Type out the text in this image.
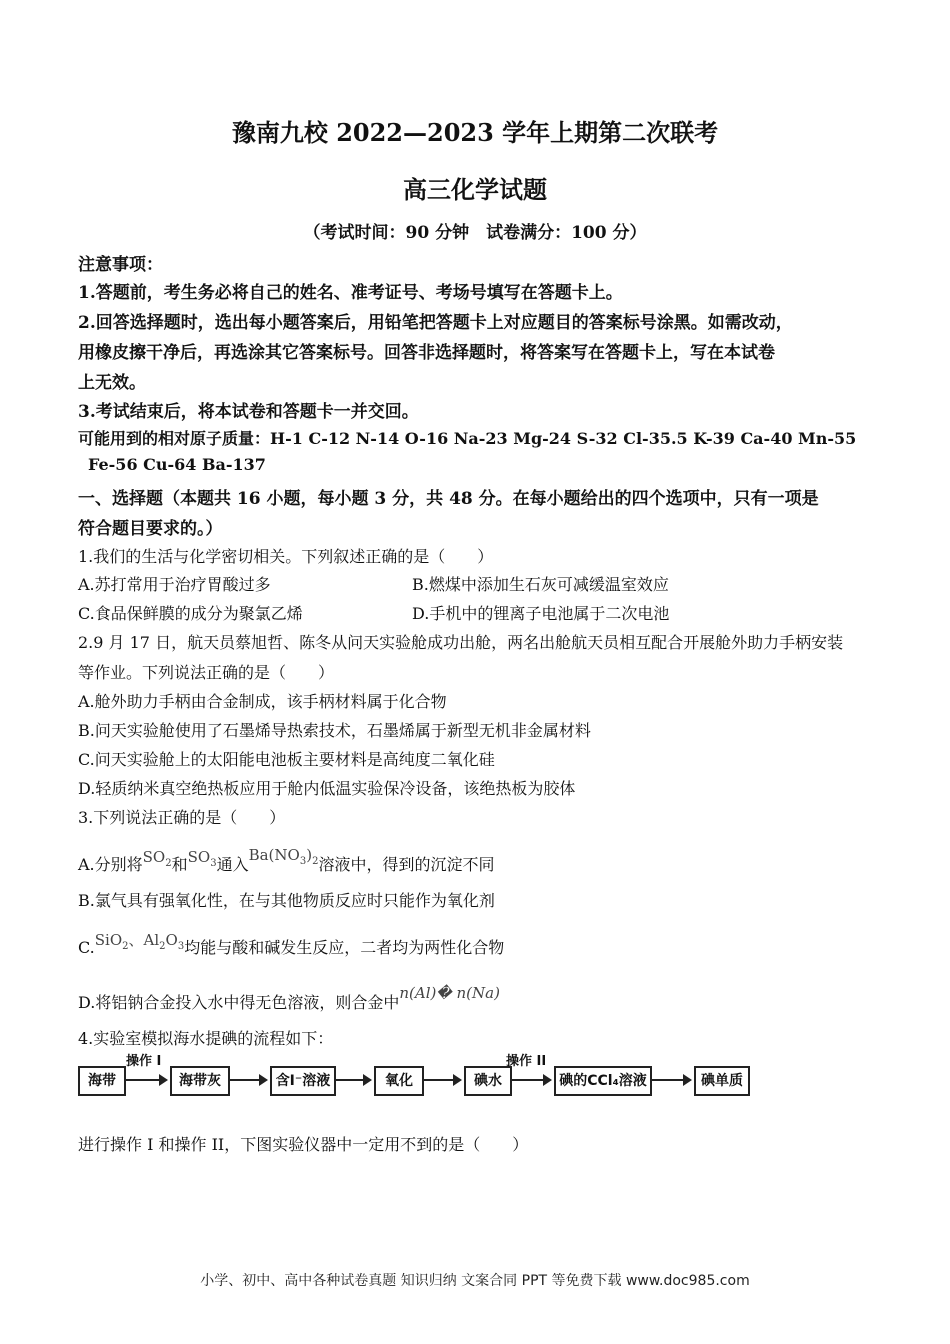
豫南九校 2022—2023 学年上期第二次联考
高三化学试题
（考试时间：90 分钟　试卷满分：100 分）
注意事项：
1.答题前，考生务必将自己的姓名、准考证号、考场号填写在答题卡上。
2.回答选择题时，选出每小题答案后，用铅笔把答题卡上对应题目的答案标号涂黑。如需改动，
用橡皮擦干净后，再选涂其它答案标号。回答非选择题时，将答案写在答题卡上，写在本试卷
上无效。
3.考试结束后，将本试卷和答题卡一并交回。
可能用到的相对原子质量：H-1 C-12 N-14 O-16 Na-23 Mg-24 S-32 Cl-35.5 K-39 Ca-40 Mn-55
Fe-56 Cu-64 Ba-137
一、选择题（本题共 16 小题，每小题 3 分，共 48 分。在每小题给出的四个选项中，只有一项是
符合题目要求的。）
1.我们的生活与化学密切相关。下列叙述正确的是（　　）
A.苏打常用于治疗胃酸过多	B.燃煤中添加生石灰可减缓温室效应
C.食品保鲜膜的成分为聚氯乙烯	D.手机中的锂离子电池属于二次电池
2.9 月 17 日，航天员蔡旭哲、陈冬从问天实验舱成功出舱，两名出舱航天员相互配合开展舱外助力手柄安装
等作业。下列说法正确的是（　　）
A.舱外助力手柄由合金制成，该手柄材料属于化合物
B.问天实验舱使用了石墨烯导热索技术，石墨烯属于新型无机非金属材料
C.问天实验舱上的太阳能电池板主要材料是高纯度二氧化硅
D.轻质纳米真空绝热板应用于舱内低温实验保冷设备，该绝热板为胶体
3.下列说法正确的是（　　）
A.分别将$SO_2$和$SO_3$通入$Ba(NO_3)_2$溶液中，得到的沉淀不同
B.氯气具有强氧化性，在与其他物质反应时只能作为氧化剂
C.SiO$_2$、$Al_2O_3$均能与酸和碱发生反应，二者均为两性化合物
D.将铝钠合金投入水中得无色溶液，则合金中n(Al)� n(Na)
4.实验室模拟海水提碘的流程如下：
海带
操作 I
海带灰	含I⁻溶液	氧化	碘水
操作 II
碘的CCl₄溶液	碘单质
进行操作 I 和操作 II，下图实验仪器中一定用不到的是（　　）
小学、初中、高中各种试卷真题 知识归纳 文案合同 PPT 等免费下载 www.doc985.com
